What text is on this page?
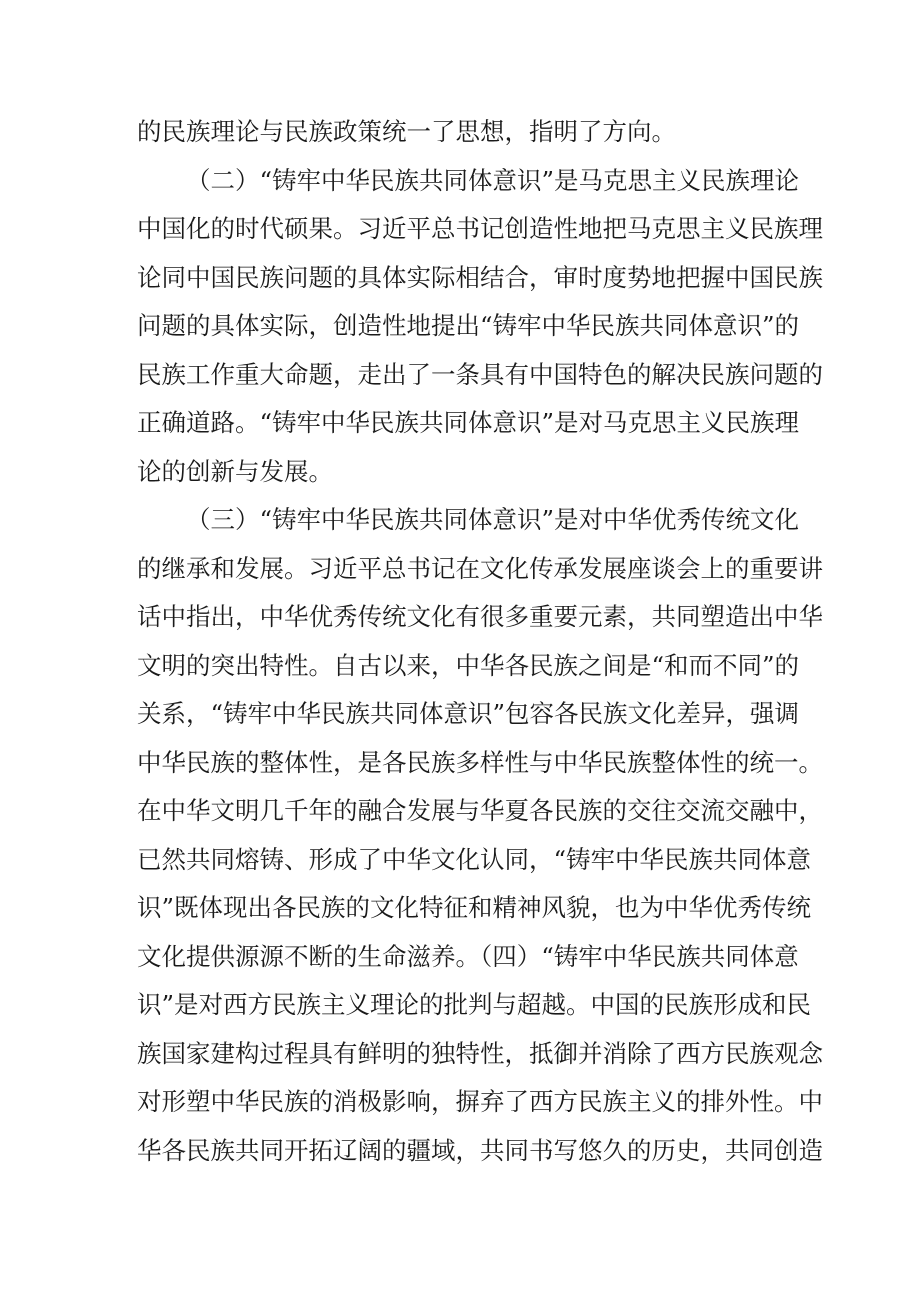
的民族理论与民族政策统一了思想，指明了方向。
（二）“铸牢中华民族共同体意识”是马克思主义民族理论
中国化的时代硕果。习近平总书记创造性地把马克思主义民族理
论同中国民族问题的具体实际相结合，审时度势地把握中国民族
问题的具体实际，创造性地提出“铸牢中华民族共同体意识”的
民族工作重大命题，走出了一条具有中国特色的解决民族问题的
正确道路。“铸牢中华民族共同体意识”是对马克思主义民族理
论的创新与发展。
（三）“铸牢中华民族共同体意识”是对中华优秀传统文化
的继承和发展。习近平总书记在文化传承发展座谈会上的重要讲
话中指出，中华优秀传统文化有很多重要元素，共同塑造出中华
文明的突出特性。自古以来，中华各民族之间是“和而不同”的
关系，“铸牢中华民族共同体意识”包容各民族文化差异，强调
中华民族的整体性，是各民族多样性与中华民族整体性的统一。
在中华文明几千年的融合发展与华夏各民族的交往交流交融中，
已然共同熔铸、形成了中华文化认同，“铸牢中华民族共同体意
识”既体现出各民族的文化特征和精神风貌，也为中华优秀传统
文化提供源源不断的生命滋养。（四）“铸牢中华民族共同体意
识”是对西方民族主义理论的批判与超越。中国的民族形成和民
族国家建构过程具有鲜明的独特性，抵御并消除了西方民族观念
对形塑中华民族的消极影响，摒弃了西方民族主义的排外性。中
华各民族共同开拓辽阔的疆域，共同书写悠久的历史，共同创造
